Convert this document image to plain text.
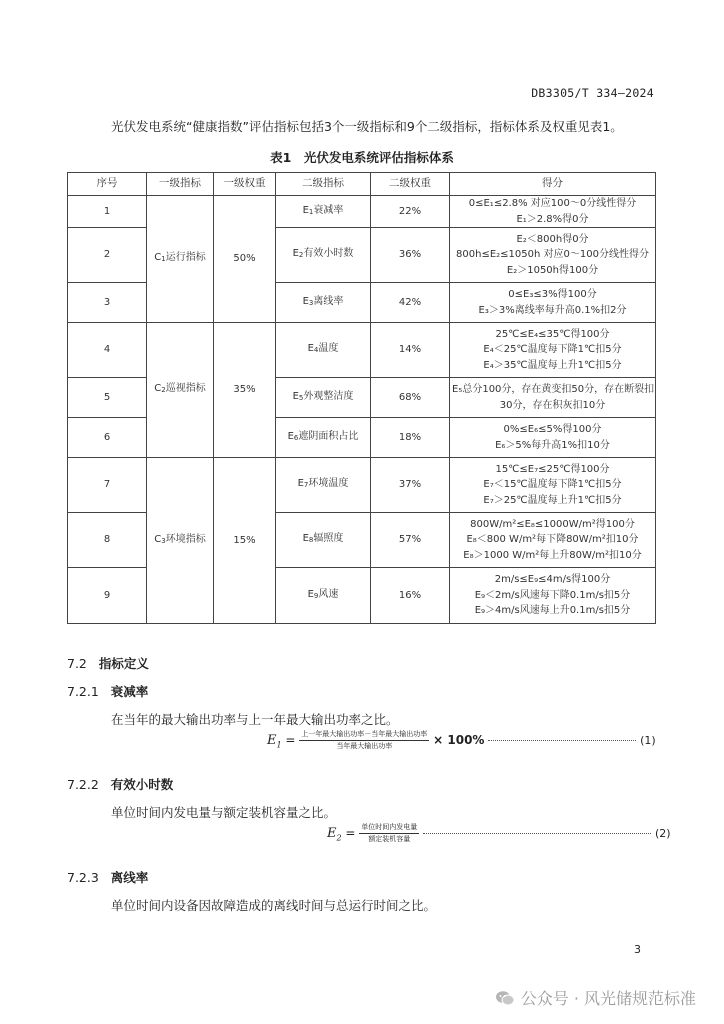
DB3305/T 334—2024
光伏发电系统“健康指数”评估指标包括3个一级指标和9个二级指标，指标体系及权重见表1。
表1　光伏发电系统评估指标体系
序号	一级指标	一级权重	二级指标	二级权重	得分
1	C1运行指标	50%	E1衰减率	22%	0≤E₁≤2.8% 对应100～0分线性得分
E₁＞2.8%得0分

2			E2有效小时数	36%	E₂＜800h得0分
800h≤E₂≤1050h 对应0～100分线性得分
E₂＞1050h得100分

3			E3离线率	42%	0≤E₃≤3%得100分
E₃＞3%离线率每升高0.1%扣2分

4	C2巡视指标	35%	E4温度	14%	25℃≤E₄≤35℃得100分
E₄＜25℃温度每下降1℃扣5分
E₄＞35℃温度每上升1℃扣5分

5			E5外观整洁度	68%	E₅总分100分，存在黄变扣50分，存在断裂扣
30分，存在积灰扣10分

6			E6遮阴面积占比	18%	0%≤E₆≤5%得100分
E₆＞5%每升高1%扣10分

7	C3环境指标	15%	E7环境温度	37%	15℃≤E₇≤25℃得100分
E₇＜15℃温度每下降1℃扣5分
E₇＞25℃温度每上升1℃扣5分

8			E8辐照度	57%	800W/m²≤E₈≤1000W/m²得100分
E₈＜800 W/m²每下降80W/m²扣10分
E₈＞1000 W/m²每上升80W/m²扣10分

9			E9风速	16%	2m/s≤E₉≤4m/s得100分
E₉＜2m/s风速每下降0.1m/s扣5分
E₉＞4m/s风速每上升0.1m/s扣5分
7.2 指标定义
7.2.1 衰减率
在当年的最大输出功率与上一年最大输出功率之比。
$E_1 = \frac{\text{上一年最大输出功率－当年最大输出功率}}{\text{当年最大输出功率}} \times 100\%$	(1)
7.2.2 有效小时数
单位时间内发电量与额定装机容量之比。
$E_2 = \frac{\text{单位时间内发电量}}{\text{额定装机容量}}$	(2)
7.2.3 离线率
单位时间内设备因故障造成的离线时间与总运行时间之比。
3
公众号 · 风光储规范标准
